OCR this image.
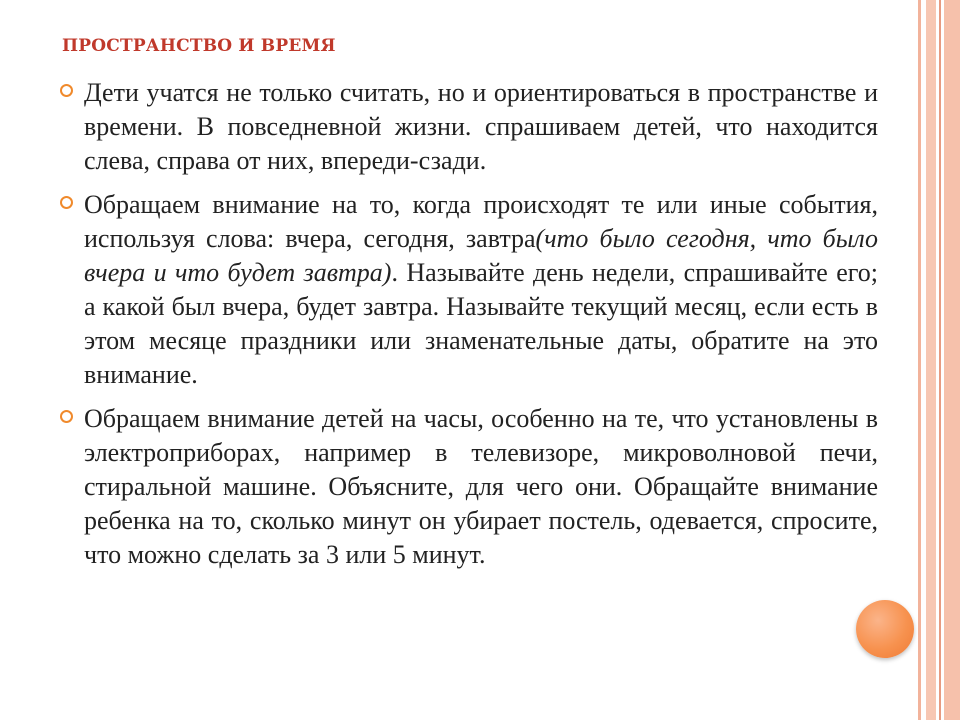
ПРОСТРАНСТВО И ВРЕМЯ
Дети учатся не только считать, но и ориентироваться в пространстве и времени. В повседневной жизни. спрашиваем детей, что находится слева, справа от них, впереди-сзади.
Обращаем внимание на то, когда происходят те или иные события, используя слова: вчера, сегодня, завтра(что было сегодня, что было вчера и что будет завтра). Называйте день недели, спрашивайте его; а какой был вчера, будет завтра. Называйте текущий месяц, если есть в этом месяце праздники или знаменательные даты, обратите на это внимание.
Обращаем внимание детей на часы, особенно на те, что установлены в электроприборах, например в телевизоре, микроволновой печи, стиральной машине. Объясните, для чего они. Обращайте внимание ребенка на то, сколько минут он убирает постель, одевается, спросите, что можно сделать за 3 или 5 минут.
